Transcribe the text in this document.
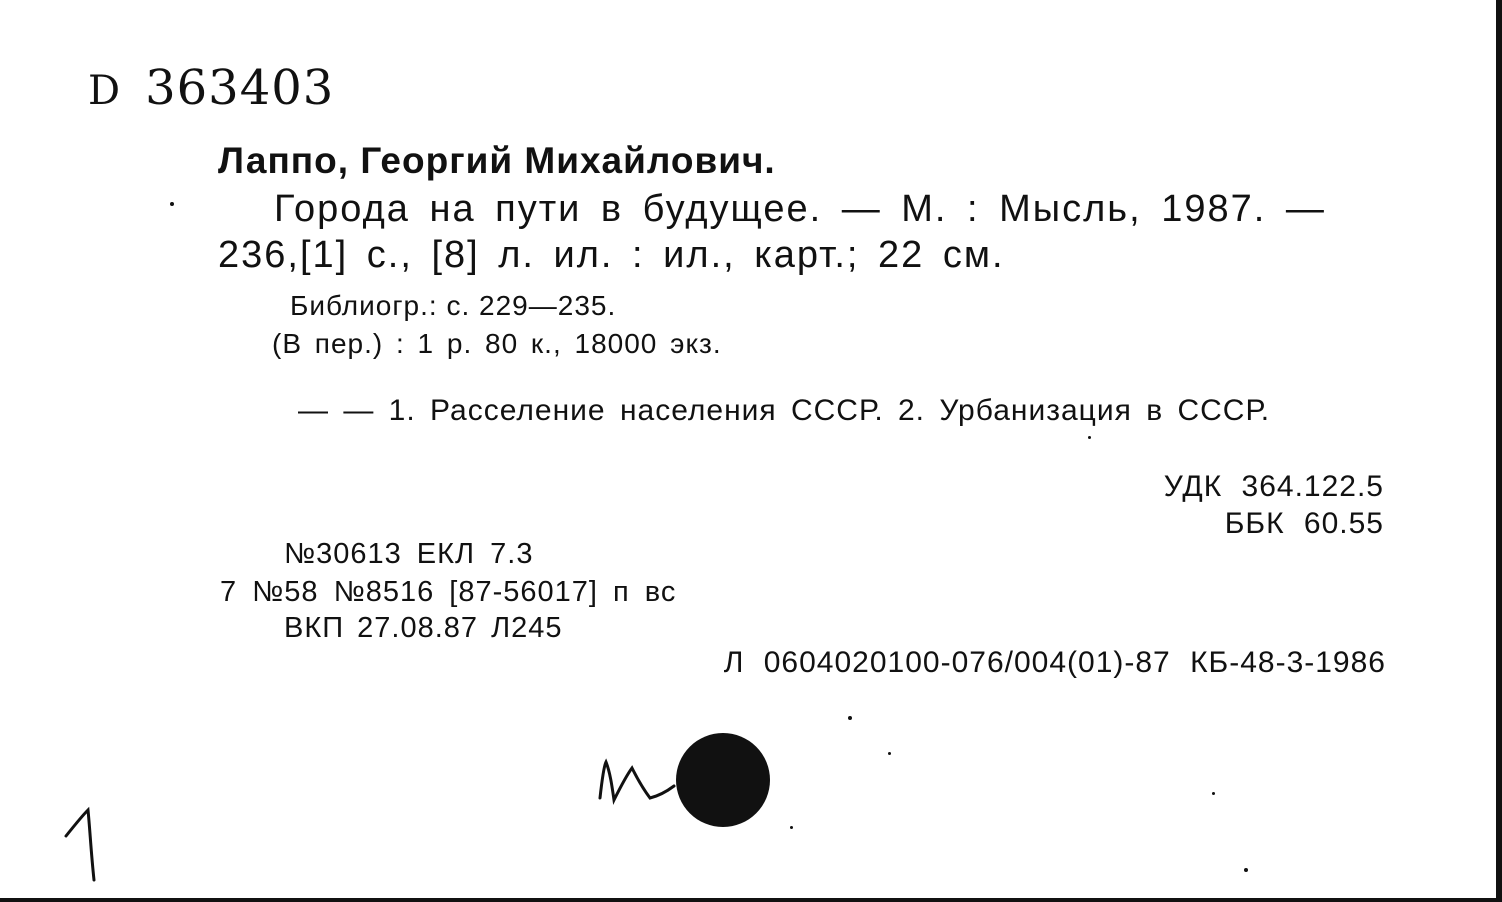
D 363403
Лаппо, Георгий Михайлович.
Города на пути в будущее. — М. : Мысль, 1987. —
236,[1] с., [8] л. ил. : ил., карт.; 22 см.
Библиогр.: с. 229—235.
(В пер.) : 1 р. 80 к., 18000 экз.
— — 1. Расселение населения СССР. 2. Урбанизация в СССР.
УДК 364.122.5
ББК 60.55
№30613 ЕКЛ 7.3
7 №58 №8516 [87-56017] п вс
ВКП 27.08.87 Л245
Л 0604020100-076/004(01)-87 КБ-48-3-1986
